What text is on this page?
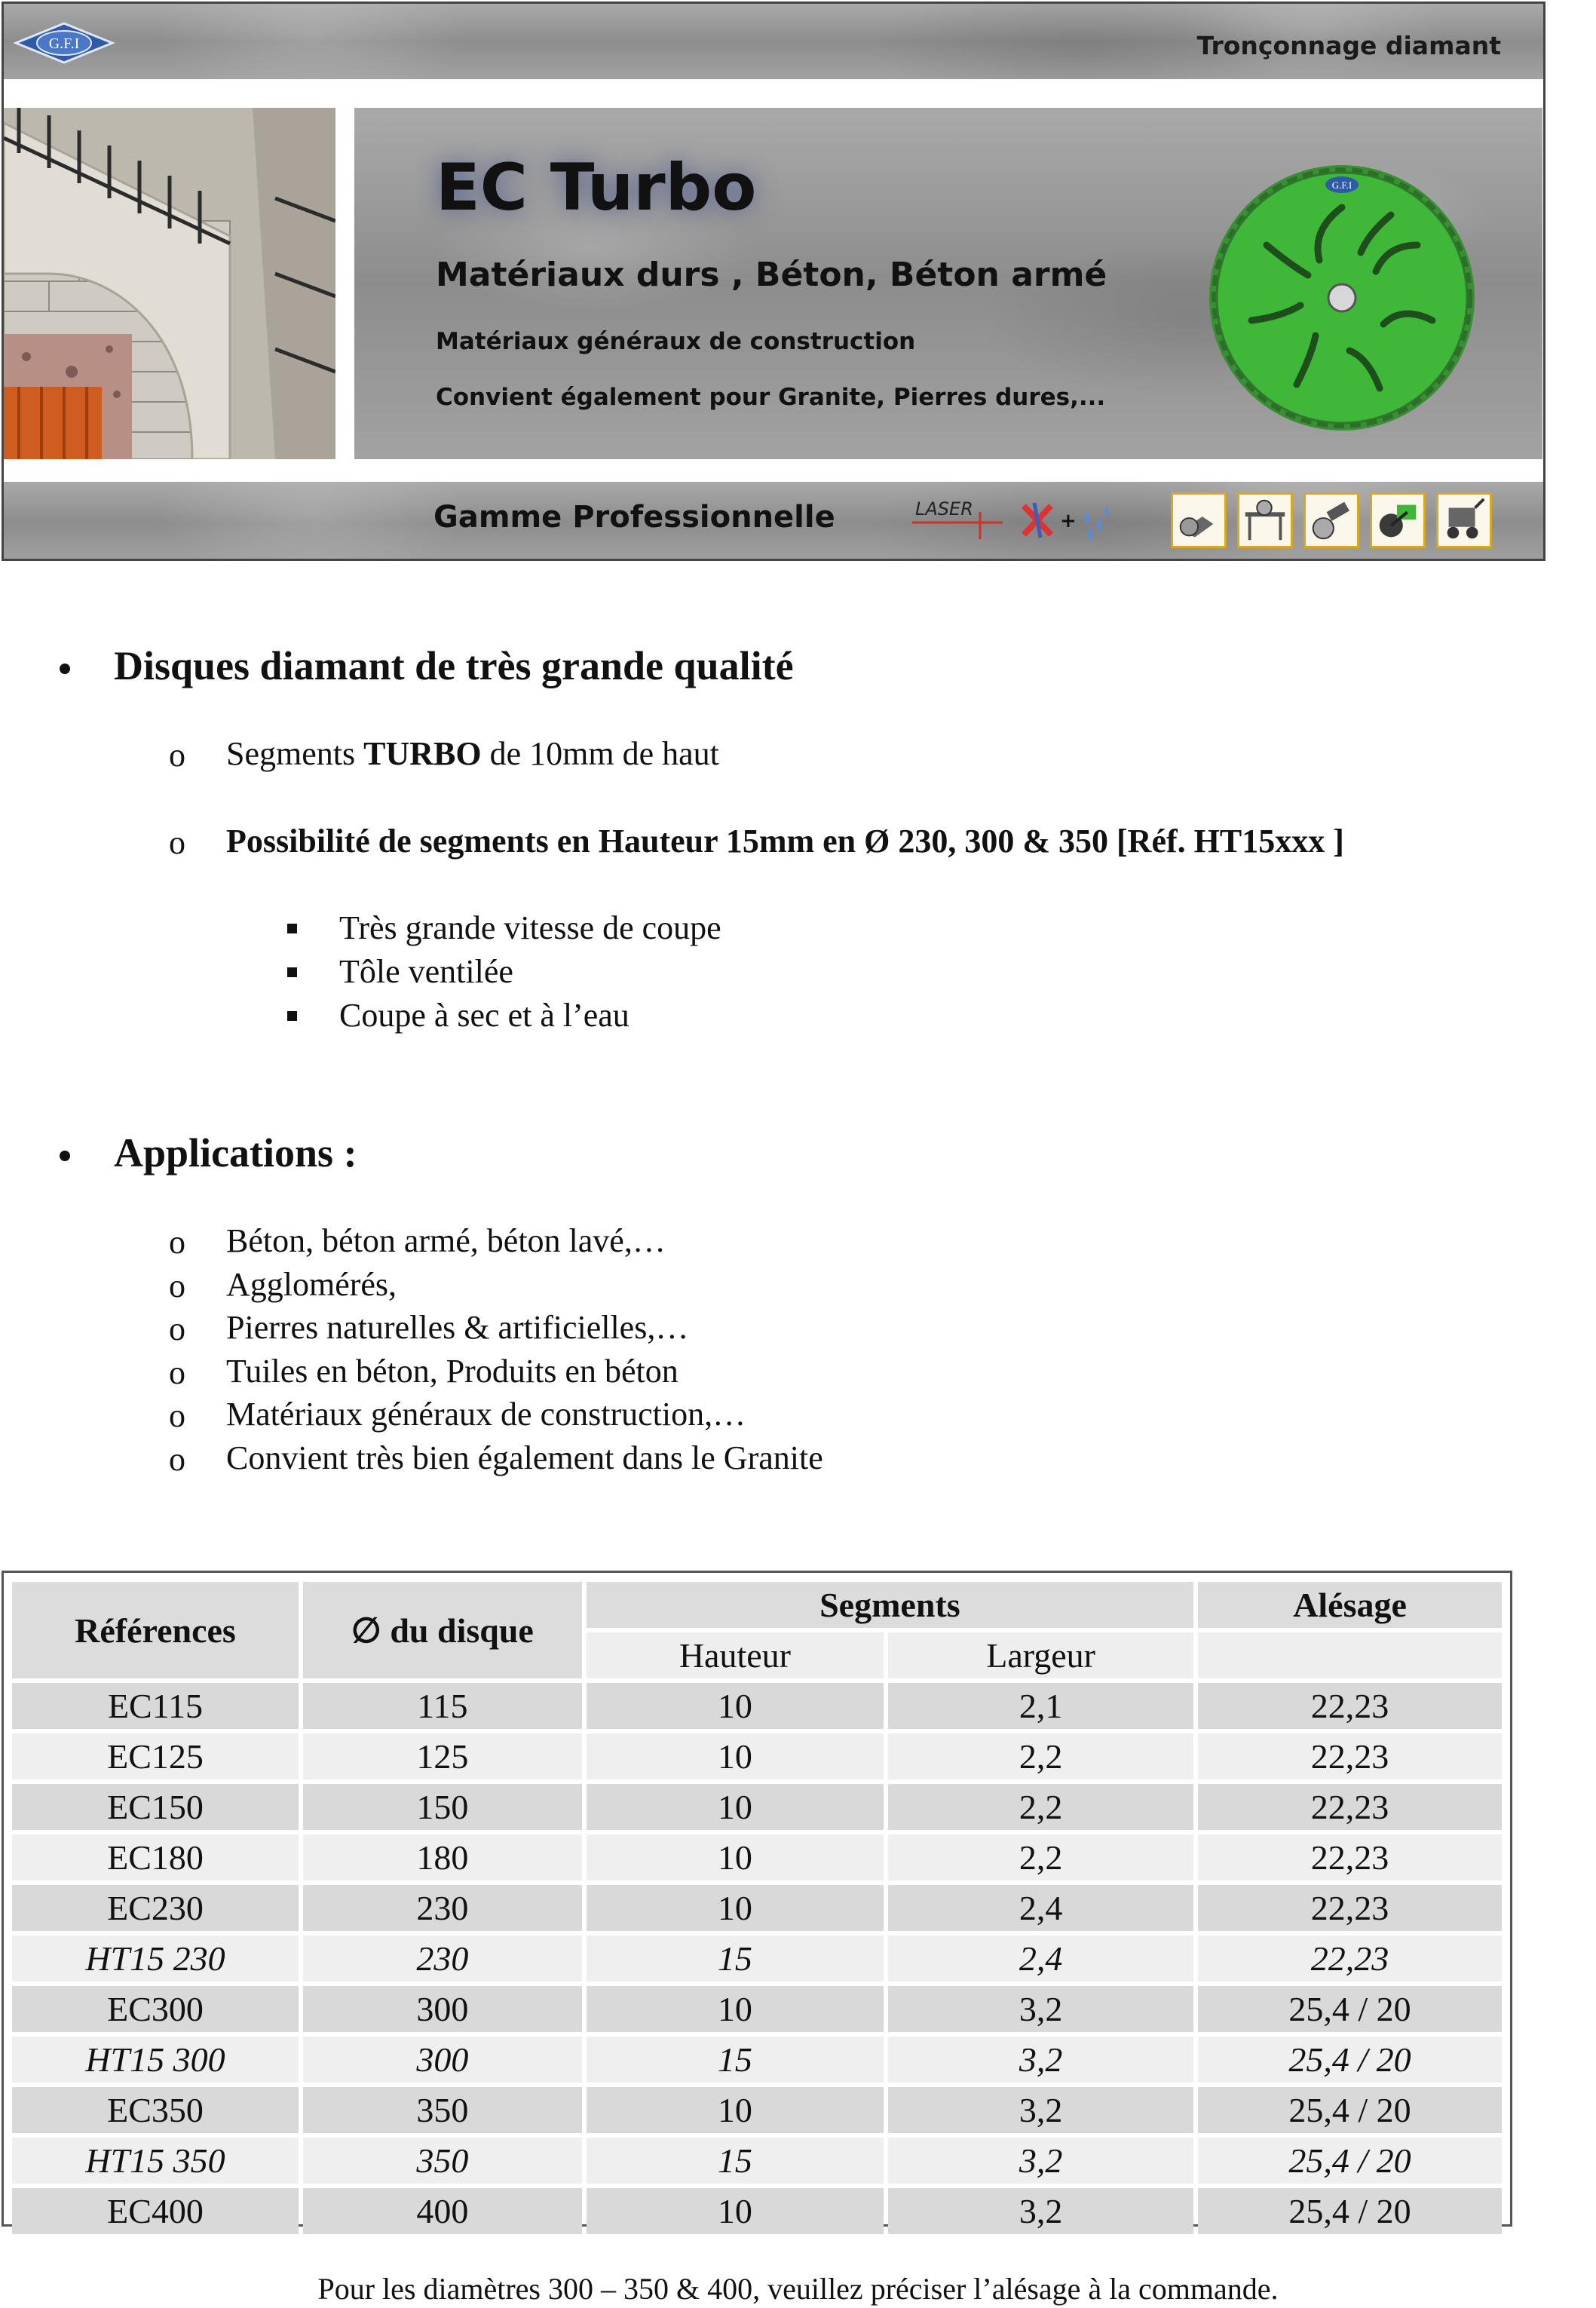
G.F.I	Tronçonnage diamant
EC Turbo
Matériaux durs , Béton, Béton armé
Matériaux généraux de construction
Convient également pour Granite, Pierres dures,...
G.F.I
Gamme Professionnelle	LASER
+
Disques diamant de très grande qualité
o Segments TURBO de 10mm de haut
o Possibilité de segments en Hauteur 15mm en Ø 230, 300 & 350 [Réf. HT15xxx ]
Très grande vitesse de coupe
Tôle ventilée
Coupe à sec et à l’eau
Applications :
o Béton, béton armé, béton lavé,…
o Agglomérés,
o Pierres naturelles & artificielles,…
o Tuiles en béton, Produits en béton
o Matériaux généraux de construction,…
o Convient très bien également dans le Granite
Références	∅ du disque	Segments		Alésage
		Hauteur	Largeur	
EC115	115	10	2,1	22,23
EC125	125	10	2,2	22,23
EC150	150	10	2,2	22,23
EC180	180	10	2,2	22,23
EC230	230	10	2,4	22,23
HT15 230	230	15	2,4	22,23
EC300	300	10	3,2	25,4 / 20
HT15 300	300	15	3,2	25,4 / 20
EC350	350	10	3,2	25,4 / 20
HT15 350	350	15	3,2	25,4 / 20
EC400	400	10	3,2	25,4 / 20
Pour les diamètres 300 – 350 & 400, veuillez préciser l’alésage à la commande.
